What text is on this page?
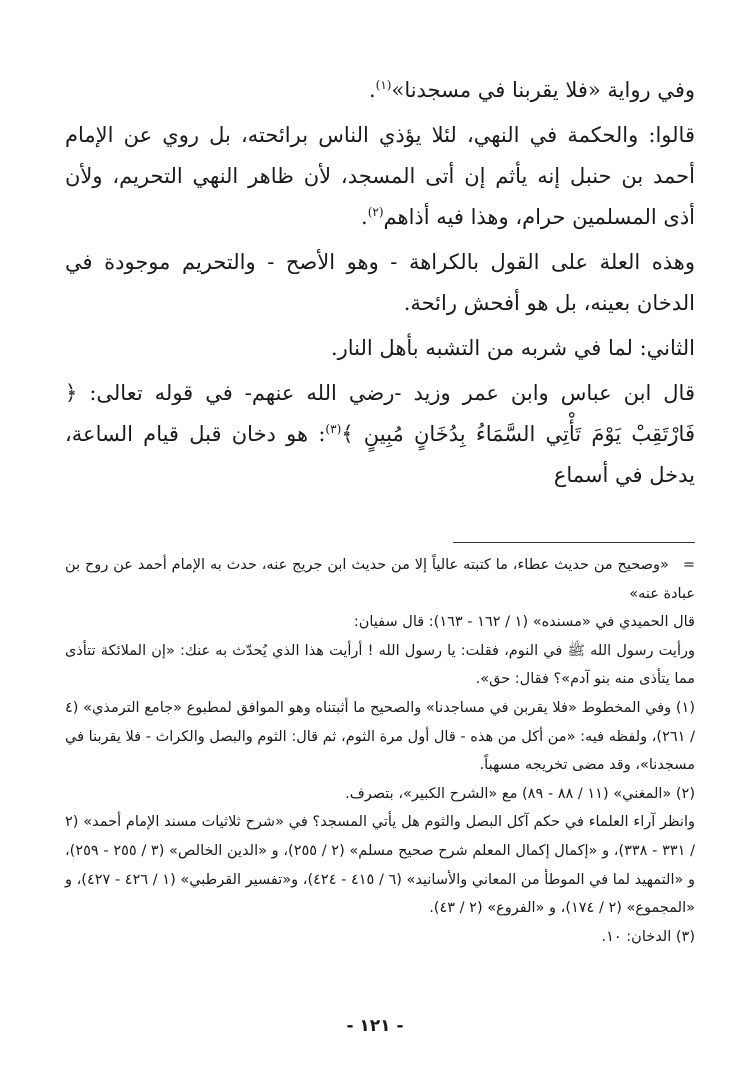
وفي رواية «فلا يقربنا في مسجدنا»$^{(١)}$.

قالوا: والحكمة في النهي، لئلا يؤذي الناس برائحته، بل روي عن الإمام أحمد بن حنبل إنه يأثم إن أتى المسجد، لأن ظاهر النهي التحريم، ولأن أذى المسلمين حرام، وهذا فيه أذاهم$^{(٢)}$.

وهذه العلة على القول بالكراهة - وهو الأصح - والتحريم موجودة في الدخان بعينه، بل هو أفحش رائحة.

الثاني: لما في شربه من التشبه بأهل النار.

قال ابن عباس وابن عمر وزيد -رضي الله عنهم- في قوله تعالى: ﴿ فَارْتَقِبْ يَوْمَ تَأْتِي السَّمَاءُ بِدُخَانٍ مُبِينٍ ﴾$^{(٣)}$: هو دخان قبل قيام الساعة، يدخل في أسماع

=
«وصحيح من حديث عطاء، ما كتبته عالياً إلا من حديث ابن جريج عنه، حدث به الإمام أحمد عن روح بن عبادة عنه»

قال الحميدي في «مسنده» (١ / ١٦٢ - ١٦٣): قال سفيان:

ورأيت رسول الله ﷺ في النوم، فقلت: يا رسول الله ! أرأيت هذا الذي يُحدّث به عنك: «إن الملائكة تتأذى مما يتأذى منه بنو آدم»؟ فقال: حق».

(١) وفي المخطوط «فلا يقربن في مساجدنا» والصحيح ما أثبتناه وهو الموافق لمطبوع «جامع الترمذي» (٤ / ٢٦١)، ولفظه فيه: «من أكل من هذه - قال أول مرة الثوم، ثم قال: الثوم والبصل والكراث - فلا يقربنا في مسجدنا»، وقد مضى تخريجه مسهباً.

(٢) «المغني» (١١ / ٨٨ - ٨٩) مع «الشرح الكبير»، بتصرف.

وانظر آراء العلماء في حكم آكل البصل والثوم هل يأتي المسجد؟ في «شرح ثلاثيات مسند الإمام أحمد» (٢ / ٣٣١ - ٣٣٨)، و «إكمال إكمال المعلم شرح صحيح مسلم» (٢ / ٢٥٥)، و «الدين الخالص» (٣ / ٢٥٥ - ٢٥٩)، و «التمهيد لما في الموطأ من المعاني والأسانيد» (٦ / ٤١٥ - ٤٢٤)، و«تفسير القرطبي» (١ / ٤٢٦ - ٤٢٧)، و «المجموع» (٢ / ١٧٤)، و «الفروع» (٢ / ٤٣).

(٣) الدخان: ١٠.

- ١٢١ -
